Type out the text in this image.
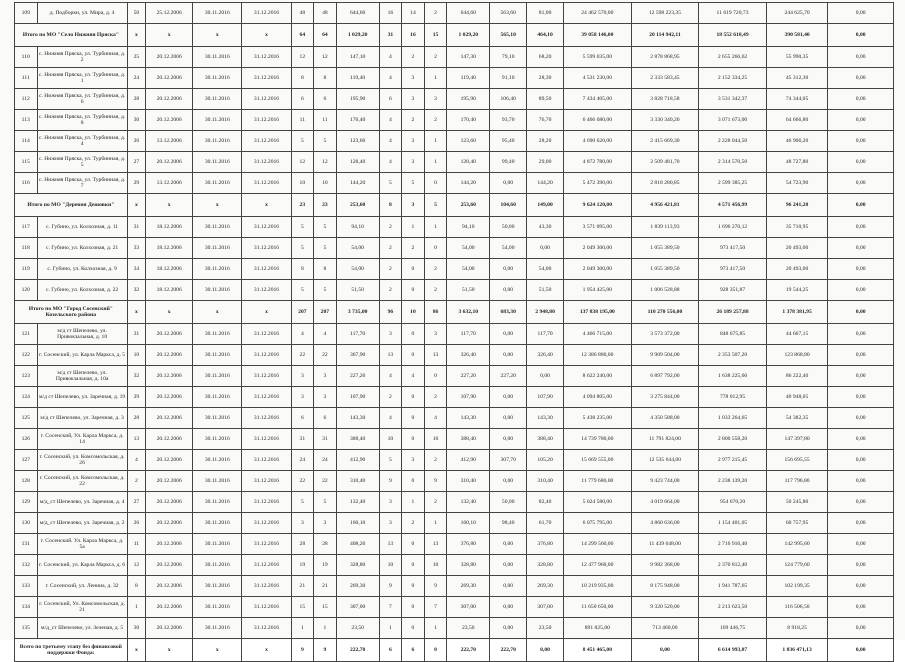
109	д. Подборки, ул. Мира, д. 4	50	25.12.2006	30.11.2016	31.12.2016	48	48	644,60	16	14	2	644,60	563,60	81,00	24 462 570,00	12 598 223,35	11 619 720,73	244 625,70	0,00
Итого по МО "Село Нижняя Пряска"		x	x	x	x	64	64	1 029,20	31	16	15	1 029,20	565,10	464,10	39 058 146,00	20 114 942,11	18 552 618,49	390 581,40	0,00
110	с. Нижняя Пряска, ул. Турбинная, д. 2	25	20.12.2006	30.11.2016	31.12.2016	12	12	147,10	4	2	2	147,30	79,10	68,20	5 599 035,00	2 878 868,95	2 655 266,62	55 990,35	0,00
111	с. Нижняя Пряска, ул. Турбинная, д. 1	24	20.12.2006	30.11.2016	31.12.2016	8	8	119,40	4	3	1	119,40	91,10	28,30	4 531 230,00	2 333 583,45	2 152 334,25	45 312,30	0,00
112	с. Нижняя Пряска, ул. Турбинная, д. 6	28	20.12.2006	30.11.2016	31.12.2016	6	6	195,90	6	3	3	195,90	106,40	89,50	7 434 405,00	3 828 718,58	3 531 342,37	74 344,05	0,00
113	с. Нижняя Пряска, ул. Турбинная, д. 8	30	20.12.2006	30.11.2016	31.12.2016	11	11	170,40	4	2	2	170,40	93,70	76,70	6 466 680,00	3 330 340,20	3 071 673,00	64 666,80	0,00
114	с. Нижняя Пряска, ул. Турбинная, д. 4	26	13.12.2006	30.11.2016	31.12.2016	5	5	123,60	4	3	1	123,60	95,40	28,20	4 690 620,00	2 415 669,30	2 228 044,50	46 906,20	0,00
115	с. Нижняя Пряска, ул. Турбинная, д. 5	27	20.12.2006	30.11.2016	31.12.2016	12	12	128,40	4	3	1	128,40	99,40	29,00	4 872 780,00	2 509 481,70	2 314 570,50	48 727,80	0,00
116	с. Нижняя Пряска, ул. Турбинная, д. 7	29	13.12.2006	30.11.2016	31.12.2016	10	10	144,20	5	5	0	144,20	0,00	144,20	5 472 390,00	2 818 280,85	2 599 385,25	54 723,90	0,00
Итого по МО "Деревня Дешовки"		x	x	x	x	23	23	253,60	8	3	5	253,60	104,60	149,00	9 624 120,00	4 956 421,81	4 571 456,99	96 241,20	0,00
117	с. Губино, ул. Колхозная, д. 11	31	18.12.2006	30.11.2016	31.12.2016	5	5	94,10	2	1	1	94,10	50,00	43,30	3 571 095,00	1 839 113,93	1 696 270,12	35 710,95	0,00
118	с. Губино, ул. Колхозная, д. 21	33	18.12.2006	30.11.2016	31.12.2016	5	5	54,00	2	2	0	54,00	54,00	0,00	2 049 300,00	1 055 389,50	973 417,50	20 493,00	0,00
119	с. Губино, ул. Колхозная, д. 9	34	18.12.2006	30.11.2016	31.12.2016	8	8	54,00	2	0	2	54,00	0,00	54,00	2 049 300,00	1 055 389,50	973 417,50	20 493,00	0,00
120	с. Губино, ул. Колхозная, д. 22	32	18.12.2006	30.11.2016	31.12.2016	5	5	51,50	2	0	2	51,50	0,00	51,50	1 954 425,00	1 006 528,88	928 351,87	19 544,25	0,00
Итого по МО "Город Сосенский" Козельского района		x	x	x	x	207	207	3 735,00	96	10	86	3 632,10	683,30	2 948,80	137 838 195,00	110 270 556,00	26 189 257,88	1 378 381,95	0,00
121	м/д ст Шепелево, ул. Привокзальная, д. 10	31	20.12.2006	30.11.2016	31.12.2016	4	4	117,70	3	0	3	117,70	0,00	117,70	4 466 715,00	3 573 372,00	848 675,85	44 667,15	0,00
122	г. Сосенский, ул. Карла Маркса, д. 5	10	20.12.2006	30.11.2016	31.12.2016	22	22	367,90	13	0	13	326,40	0,00	326,40	12 386 880,00	9 909 504,00	2 353 507,20	123 868,80	0,00
123	м/д ст Шепелево, ул. Привокзальная, д. 10а	32	20.12.2006	30.11.2016	31.12.2016	3	3	227,20	4	4	0	227,20	227,20	0,00	8 622 240,00	6 897 792,00	1 638 225,60	86 222,40	0,00
124	м/д ст Шепелево, ул. Заречная, д. 19	29	20.12.2006	30.11.2016	31.12.2016	3	3	107,90	2	0	2	107,90	0,00	107,90	4 094 805,00	3 275 844,00	778 012,95	40 948,05	0,00
125	м/д ст Шепелево, ул. Заречная, д. 3	28	20.12.2006	30.11.2016	31.12.2016	6	6	143,30	4	0	4	143,30	0,00	143,30	5 438 235,00	4 350 588,00	1 033 264,65	54 382,35	0,00
126	г. Сосенский, Ул. Карла Маркса, д. 14	13	20.12.2006	30.11.2016	31.12.2016	31	31	388,40	10	0	10	388,40	0,00	388,40	14 739 780,00	11 791 824,00	2 800 558,20	147 397,80	0,00
127	г. Сосенский, ул. Комсомольская, д. 26	4	20.12.2006	30.11.2016	31.12.2016	24	24	412,90	5	3	2	412,90	307,70	105,20	15 669 555,00	12 535 644,00	2 977 215,45	156 695,55	0,00
128	г. Сосенский, ул. Комсомольская, д. 22	2	20.12.2006	30.11.2016	31.12.2016	22	22	310,40	9	0	9	310,40	0,00	310,40	11 779 680,00	9 423 744,00	2 238 139,20	117 796,80	0,00
129	м/д_ст Шепелево, ул. Заречная, д. 4	27	20.12.2006	30.11.2016	31.12.2016	5	5	132,40	3	1	2	132,40	50,00	82,40	5 024 580,00	4 019 664,00	954 670,20	50 245,80	0,00
130	м/д_ст Шепелево, ул. Заречная, д. 2	26	20.12.2006	30.11.2016	31.12.2016	3	3	160,10	3	2	1	160,10	98,40	61,70	6 075 795,00	4 860 636,00	1 154 401,05	60 757,95	0,00
131	г. Сосенский. Ул. Карла Маркса, д. 5а	11	20.12.2006	30.11.2016	31.12.2016	28	28	408,20	13	0	13	376,80	0,00	376,80	14 299 560,00	11 439 648,00	2 716 916,40	142 995,60	0,00
132	г. Сосенский, ул. Карла Маркса, д. 6	12	20.12.2006	30.11.2016	31.12.2016	19	19	328,80	10	0	10	328,80	0,00	328,80	12 477 960,00	9 982 368,00	2 370 812,40	124 779,60	0,00
133	г. Сосенский, ул. Ленина, д. 32	8	20.12.2006	30.11.2016	31.12.2016	21	21	269,30	9	0	9	269,30	0,00	269,30	10 219 935,00	8 175 948,00	1 941 787,65	102 199,35	0,00
134	г. Сосенский, Ул. Комсомольская, д. 21	1	20.12.2006	30.11.2016	31.12.2016	15	15	307,00	7	0	7	307,00	0,00	307,00	11 650 650,00	9 320 520,00	2 213 623,50	116 506,50	0,00
135	м/д_ст Шепелево, ул. Зеленая, д. 5	30	20.12.2006	30.11.2016	31.12.2016	1	1	23,50	1	0	1	23,50	0,00	23,50	891 825,00	713 460,00	169 446,75	8 918,25	0,00
Всего по третьему этапу без финансовой поддержки Фонда:		x	x	x	x	9	9	222,70	6	6	0	222,70	222,70	0,00	8 451 465,00	0,00	6 614 993,87	1 836 471,13	0,00
